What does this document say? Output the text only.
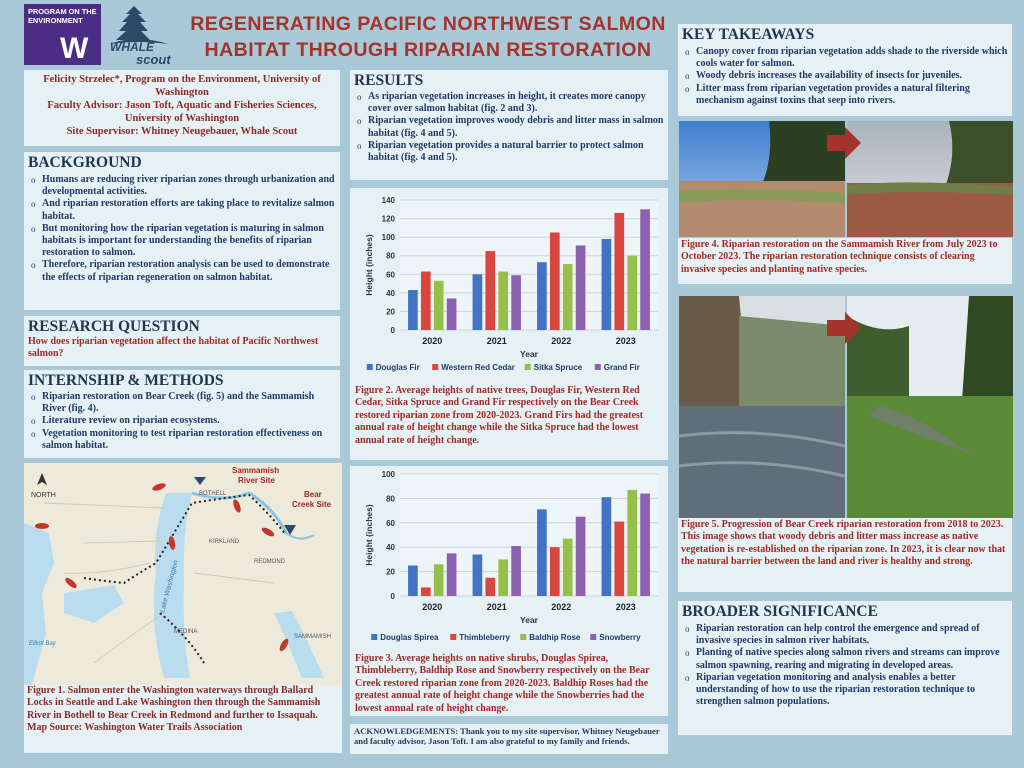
PROGRAM ON THE
ENVIRONMENT
W WHALE
scout
REGENERATING PACIFIC NORTHWEST SALMON
HABITAT THROUGH RIPARIAN RESTORATION
Felicity Strzelec*, Program on the Environment, University of Washington
Faculty Advisor: Jason Toft, Aquatic and Fisheries Sciences, University of Washington
Site Supervisor: Whitney Neugebauer, Whale Scout
BACKGROUND
o Humans are reducing river riparian zones through urbanization and developmental activities.
o And riparian restoration efforts are taking place to revitalize salmon habitat.
o But monitoring how the riparian vegetation is maturing in salmon habitats is important for understanding the benefits of riparian restoration to salmon.
o Therefore, riparian restoration analysis can be used to demonstrate the effects of riparian regeneration on salmon habitat.
RESEARCH QUESTION
How does riparian vegetation affect the habitat of Pacific Northwest salmon?
INTERNSHIP & METHODS
o Riparian restoration on Bear Creek (fig. 5) and the Sammamish River (fig. 4).
o Literature review on riparian ecosystems.
o Vegetation monitoring to test riparian restoration effectiveness on salmon habitat.
NORTH
Sammamish
River Site
Bear
Creek Site
Lake Washington
KIRKLAND
BOTHELL
REDMOND
Elliott Bay
SAMMAMISH
MEDINA
Figure 1. Salmon enter the Washington waterways through Ballard Locks in Seattle and Lake Washington then through the Sammamish River in Bothell to Bear Creek in Redmond and further to Issaquah.
Map Source: Washington Water Trails Association
RESULTS
o As riparian vegetation increases in height, it creates more canopy cover over salmon habitat (fig. 2 and 3).
o Riparian vegetation improves woody debris and litter mass in salmon habitat (fig. 4 and 5).
o Riparian vegetation provides a natural barrier to protect salmon habitat (fig. 4 and 5).
0
20
40
60
80
100
120
140
2020	2021	2022	2023
Year
Height (inches)
Douglas Fir	Western Red Cedar Sitka Spruce	Grand Fir
Figure 2. Average heights of native trees, Douglas Fir, Western Red Cedar, Sitka Spruce and Grand Fir respectively on the Bear Creek restored riparian zone from 2020-2023. Grand Firs had the greatest annual rate of height change while the Sitka Spruce had the lowest annual rate of height change.
0
20
40
60
80
100
2020	2021	2022	2023
Year
Height (inches)
Douglas Spirea	Thimbleberry Baldhip Rose Snowberry
Figure 3. Average heights on native shrubs, Douglas Spirea, Thimbleberry, Baldhip Rose and Snowberry respectively on the Bear Creek restored riparian zone from 2020-2023. Baldhip Roses had the greatest annual rate of height change while the Snowberries had the lowest annual rate of height change.
ACKNOWLEDGEMENTS: Thank you to my site supervisor, Whitney Neugebauer and faculty advisor, Jason Toft. I am also grateful to my family and friends.
KEY TAKEAWAYS
o Canopy cover from riparian vegetation adds shade to the riverside which cools water for salmon.
o Woody debris increases the availability of insects for juveniles.
o Litter mass from riparian vegetation provides a natural filtering mechanism against toxins that seep into rivers.
Figure 4. Riparian restoration on the Sammamish River from July 2023 to October 2023. The riparian restoration technique consists of clearing invasive species and planting native species.
Figure 5. Progression of Bear Creek riparian restoration from 2018 to 2023. This image shows that woody debris and litter mass increase as native vegetation is re-established on the riparian zone. In 2023, it is clear now that the natural barrier between the land and river is healthy and strong.
BROADER SIGNIFICANCE
o Riparian restoration can help control the emergence and spread of invasive species in salmon river habitats.
o Planting of native species along salmon rivers and streams can improve salmon spawning, rearing and migrating in developed areas.
o Riparian vegetation monitoring and analysis enables a better understanding of how to use the riparian restoration technique to strengthen salmon populations.
